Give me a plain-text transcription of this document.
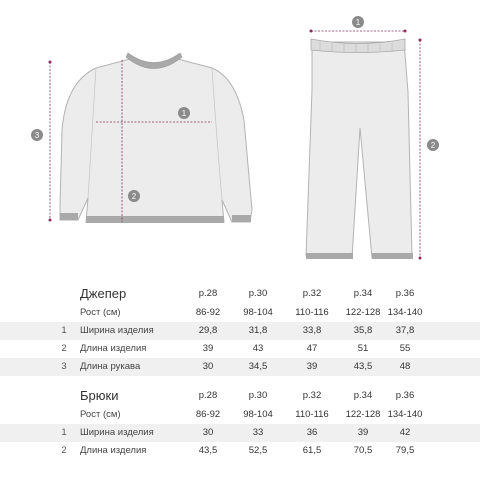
1
2
3
1
2
Джепер	р.28	р.30	р.32	р.34	р.36
Рост (см)	86-92	98-104	110-116	122-128 134-140
1	Ширина изделия	29,8	31,8	33,8	35,8	37,8
2	Длина изделия	39	43	47	51	55
3	Длина рукава	30	34,5	39	43,5	48
Брюки	р.28	р.30	р.32	р.34	р.36
Рост (см)	86-92	98-104	110-116	122-128 134-140
1	Ширина изделия	30	33	36	39	42
2	Длина изделия	43,5	52,5	61,5	70,5	79,5
